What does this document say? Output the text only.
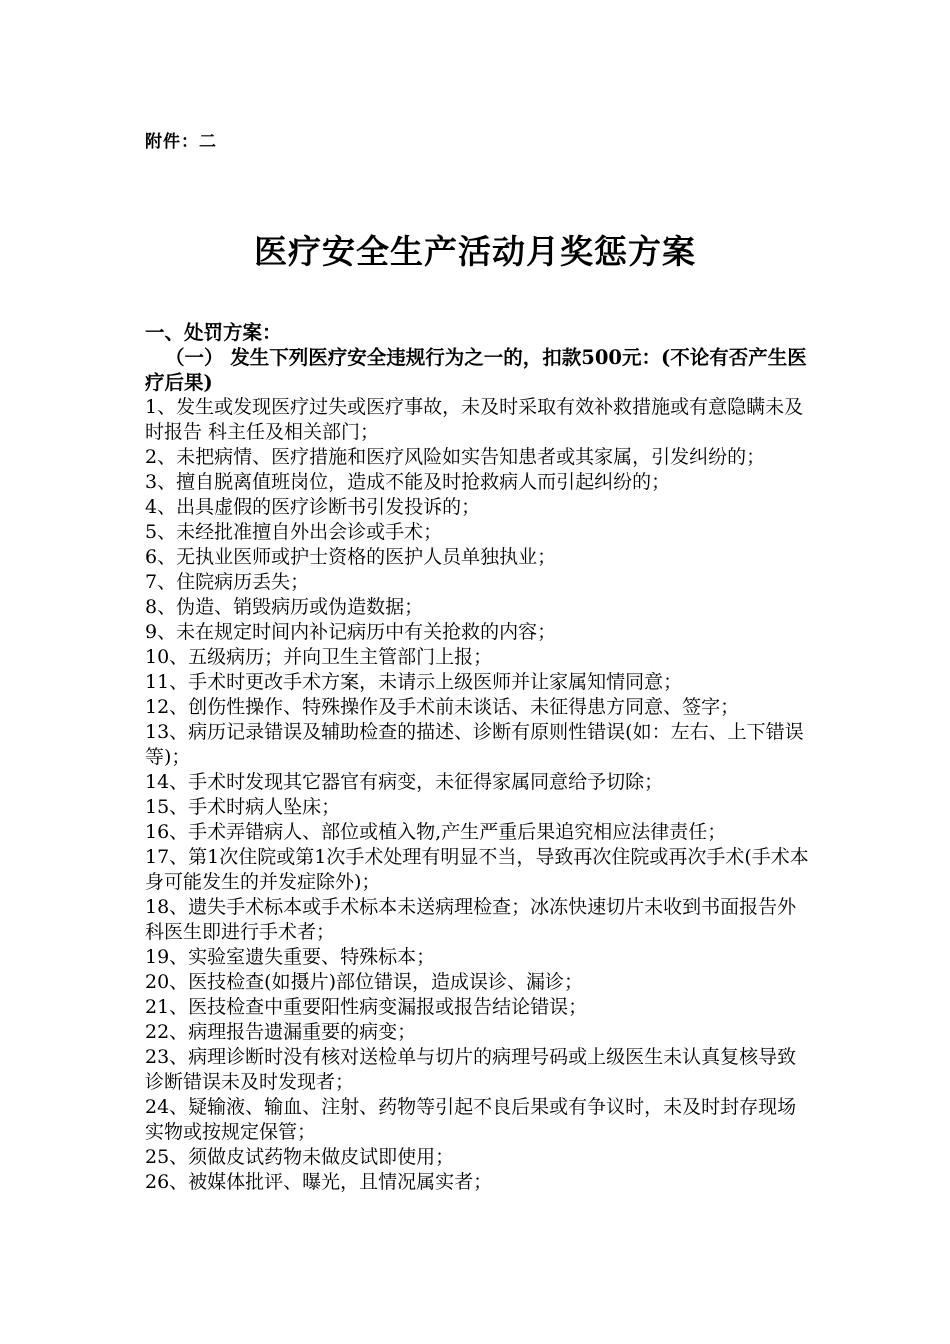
附件：二
医疗安全生产活动月奖惩方案
一、处罚方案：
（一） 发生下列医疗安全违规行为之一的，扣款500元：(不论有否产生医疗后果)
1、发生或发现医疗过失或医疗事故，未及时采取有效补救措施或有意隐瞒未及时报告 科主任及相关部门；
2、未把病情、医疗措施和医疗风险如实告知患者或其家属，引发纠纷的；
3、擅自脱离值班岗位，造成不能及时抢救病人而引起纠纷的；
4、出具虚假的医疗诊断书引发投诉的；
5、未经批准擅自外出会诊或手术；
6、无执业医师或护士资格的医护人员单独执业；
7、住院病历丢失；
8、伪造、销毁病历或伪造数据；
9、未在规定时间内补记病历中有关抢救的内容；
10、五级病历；并向卫生主管部门上报；
11、手术时更改手术方案，未请示上级医师并让家属知情同意；
12、创伤性操作、特殊操作及手术前未谈话、未征得患方同意、签字；
13、病历记录错误及辅助检查的描述、诊断有原则性错误(如：左右、上下错误等)；
14、手术时发现其它器官有病变，未征得家属同意给予切除；
15、手术时病人坠床；
16、手术弄错病人、部位或植入物,产生严重后果追究相应法律责任；
17、第1次住院或第1次手术处理有明显不当，导致再次住院或再次手术(手术本身可能发生的并发症除外)；
18、遗失手术标本或手术标本未送病理检查；冰冻快速切片未收到书面报告外科医生即进行手术者；
19、实验室遗失重要、特殊标本；
20、医技检查(如摄片)部位错误，造成误诊、漏诊；
21、医技检查中重要阳性病变漏报或报告结论错误；
22、病理报告遗漏重要的病变；
23、病理诊断时没有核对送检单与切片的病理号码或上级医生未认真复核导致诊断错误未及时发现者；
24、疑输液、输血、注射、药物等引起不良后果或有争议时，未及时封存现场实物或按规定保管；
25、须做皮试药物未做皮试即使用；
26、被媒体批评、曝光，且情况属实者；
